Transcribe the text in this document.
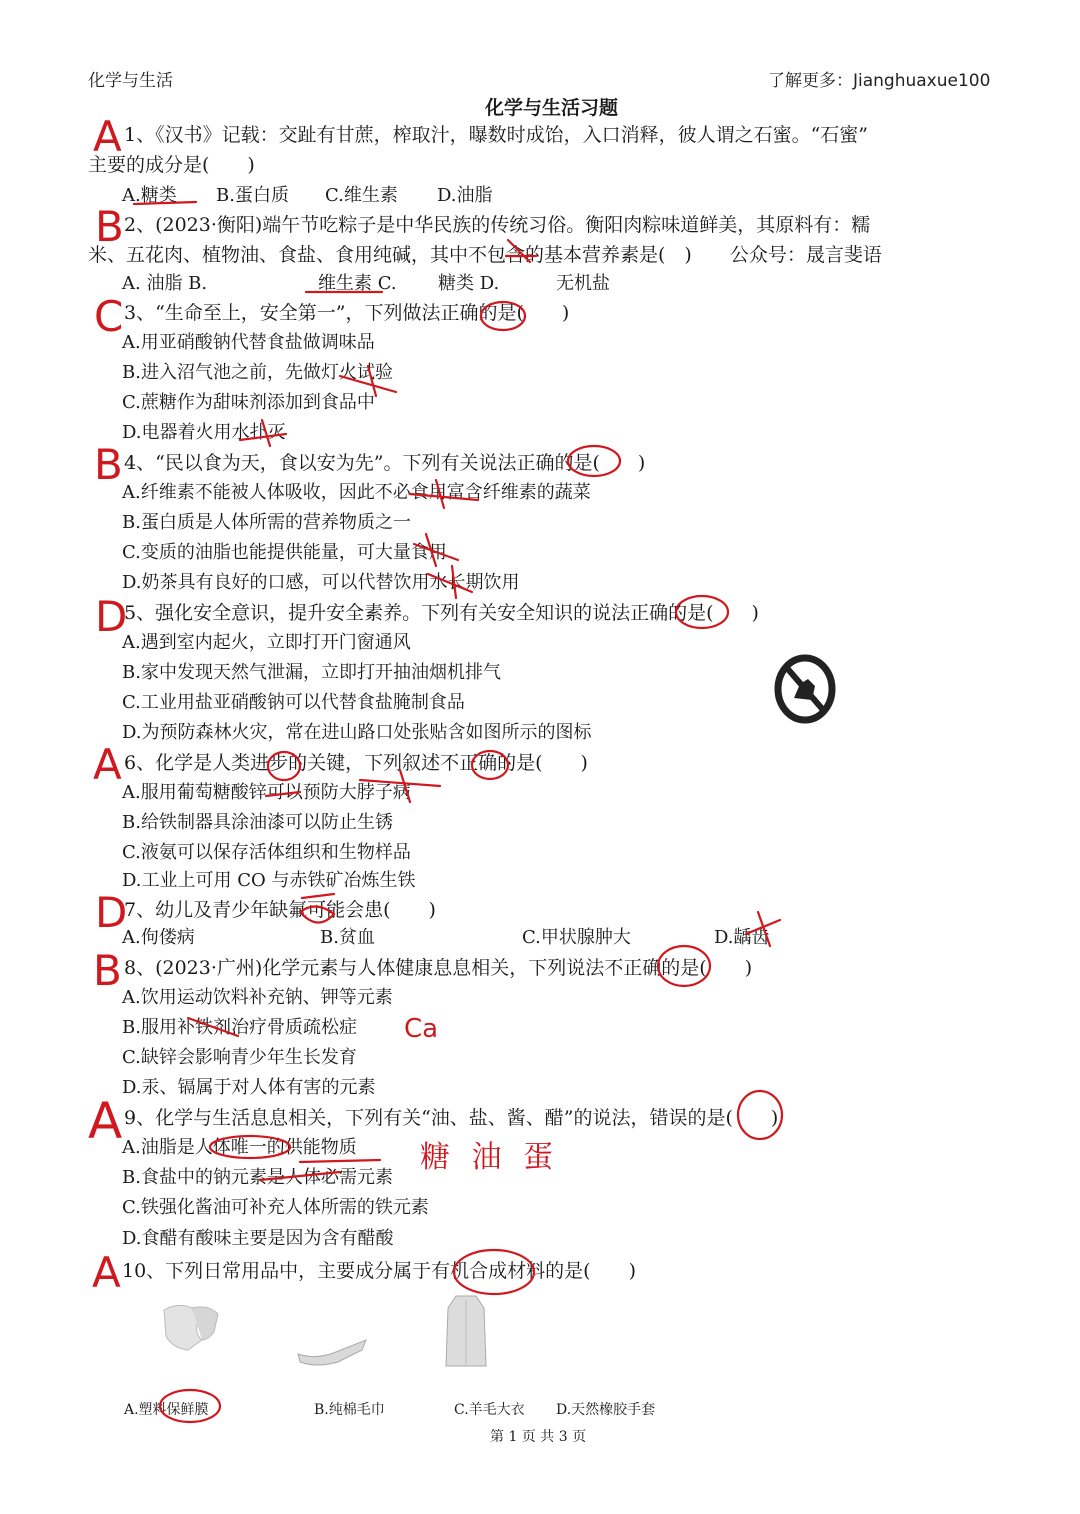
化学与生活	了解更多：Jianghuaxue100
化学与生活习题
A 1、《汉书》记载：交趾有甘蔗，榨取汁，曝数时成饴，入口消释，彼人谓之石蜜。“石蜜”
主要的成分是(　　)
A.糖类 B.蛋白质 C.维生素 D.油脂
B 2、(2023·衡阳)端午节吃粽子是中华民族的传统习俗。衡阳肉粽味道鲜美，其原料有：糯
米、五花肉、植物油、食盐、食用纯碱，其中不包含的基本营养素是(　)　　公众号：晟言斐语
A. 油脂 B.	维生素 C. 糖类 D.	无机盐
C 3、“生命至上，安全第一”，下列做法正确的是(　　)
A.用亚硝酸钠代替食盐做调味品
B.进入沼气池之前，先做灯火试验
C.蔗糖作为甜味剂添加到食品中
D.电器着火用水扑灭
B 4、“民以食为天，食以安为先”。下列有关说法正确的是(　　)
A.纤维素不能被人体吸收，因此不必食用富含纤维素的蔬菜
B.蛋白质是人体所需的营养物质之一
C.变质的油脂也能提供能量，可大量食用
D.奶茶具有良好的口感，可以代替饮用水长期饮用
D
5、强化安全意识，提升安全素养。下列有关安全知识的说法正确的是(　　)
A.遇到室内起火，立即打开门窗通风
B.家中发现天然气泄漏，立即打开抽油烟机排气
C.工业用盐亚硝酸钠可以代替食盐腌制食品
D.为预防森林火灾，常在进山路口处张贴含如图所示的图标
A 6、化学是人类进步的关键，下列叙述不正确的是(　　)
A.服用葡萄糖酸锌可以预防大脖子病
B.给铁制器具涂油漆可以防止生锈
C.液氨可以保存活体组织和生物样品
D.工业上可用 CO 与赤铁矿冶炼生铁
D
7、幼儿及青少年缺氟可能会患(　　)
A.佝偻病	B.贫血	C.甲状腺肿大	D.龋齿
B 8、(2023·广州)化学元素与人体健康息息相关，下列说法不正确的是(　　)
A.饮用运动饮料补充钠、钾等元素
B.服用补铁剂治疗骨质疏松症 Ca
C.缺锌会影响青少年生长发育
D.汞、镉属于对人体有害的元素
A 9、化学与生活息息相关，下列有关“油、盐、酱、醋”的说法，错误的是(　　)
A.油脂是人体唯一的供能物质 糖 油 蛋
B.食盐中的钠元素是人体必需元素
C.铁强化酱油可补充人体所需的铁元素
D.食醋有酸味主要是因为含有醋酸
A 10、下列日常用品中，主要成分属于有机合成材料的是(　　)
A.塑料保鲜膜	B.纯棉毛巾	C.羊毛大衣 D.天然橡胶手套
第 1 页 共 3 页
